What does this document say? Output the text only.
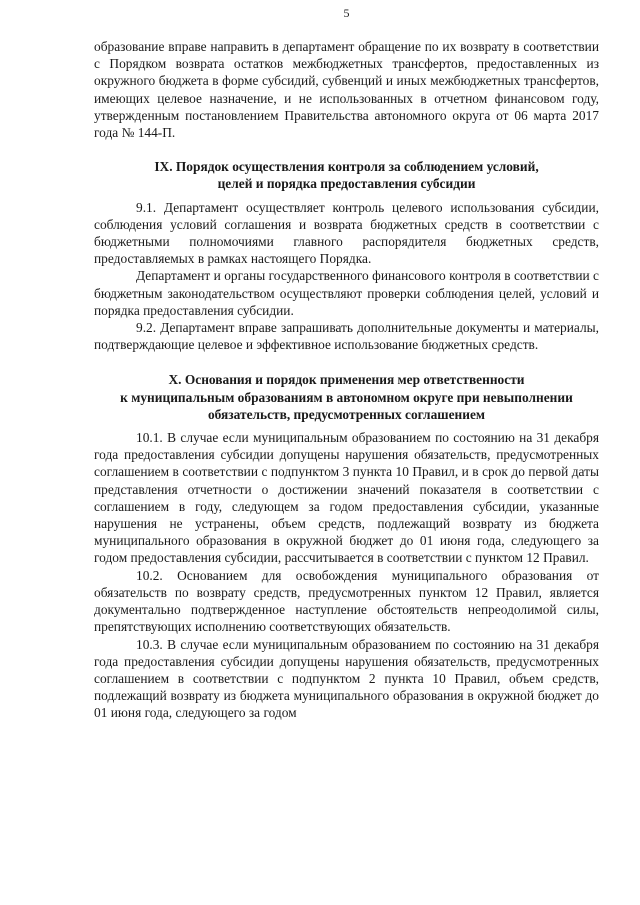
5

образование вправе направить в департамент обращение по их возврату в соответствии с Порядком возврата остатков межбюджетных трансфертов, предоставленных из окружного бюджета в форме субсидий, субвенций и иных межбюджетных трансфертов, имеющих целевое назначение, и не использованных в отчетном финансовом году, утвержденным постановлением Правительства автономного округа от 06 марта 2017 года № 144-П.

IX. Порядок осуществления контроля за соблюдением условий,
целей и порядка предоставления субсидии

9.1. Департамент осуществляет контроль целевого использования субсидии, соблюдения условий соглашения и возврата бюджетных средств в соответствии с бюджетными полномочиями главного распорядителя бюджетных средств, предоставляемых в рамках настоящего Порядка.

Департамент и органы государственного финансового контроля в соответствии с бюджетным законодательством осуществляют проверки соблюдения целей, условий и порядка предоставления субсидии.

9.2. Департамент вправе запрашивать дополнительные документы и материалы, подтверждающие целевое и эффективное использование бюджетных средств.

X. Основания и порядок применения мер ответственности
к муниципальным образованиям в автономном округе при невыполнении
обязательств, предусмотренных соглашением

10.1. В случае если муниципальным образованием по состоянию на 31 декабря года предоставления субсидии допущены нарушения обязательств, предусмотренных соглашением в соответствии с подпунктом 3 пункта 10 Правил, и в срок до первой даты представления отчетности о достижении значений показателя в соответствии с соглашением в году, следующем за годом предоставления субсидии, указанные нарушения не устранены, объем средств, подлежащий возврату из бюджета муниципального образования в окружной бюджет до 01 июня года, следующего за годом предоставления субсидии, рассчитывается в соответствии с пунктом 12 Правил.

10.2. Основанием для освобождения муниципального образования от обязательств по возврату средств, предусмотренных пунктом 12 Правил, является документально подтвержденное наступление обстоятельств непреодолимой силы, препятствующих исполнению соответствующих обязательств.

10.3. В случае если муниципальным образованием по состоянию на 31 декабря года предоставления субсидии допущены нарушения обязательств, предусмотренных соглашением в соответствии с подпунктом 2 пункта 10 Правил, объем средств, подлежащий возврату из бюджета муниципального образования в окружной бюджет до 01 июня года, следующего за годом
